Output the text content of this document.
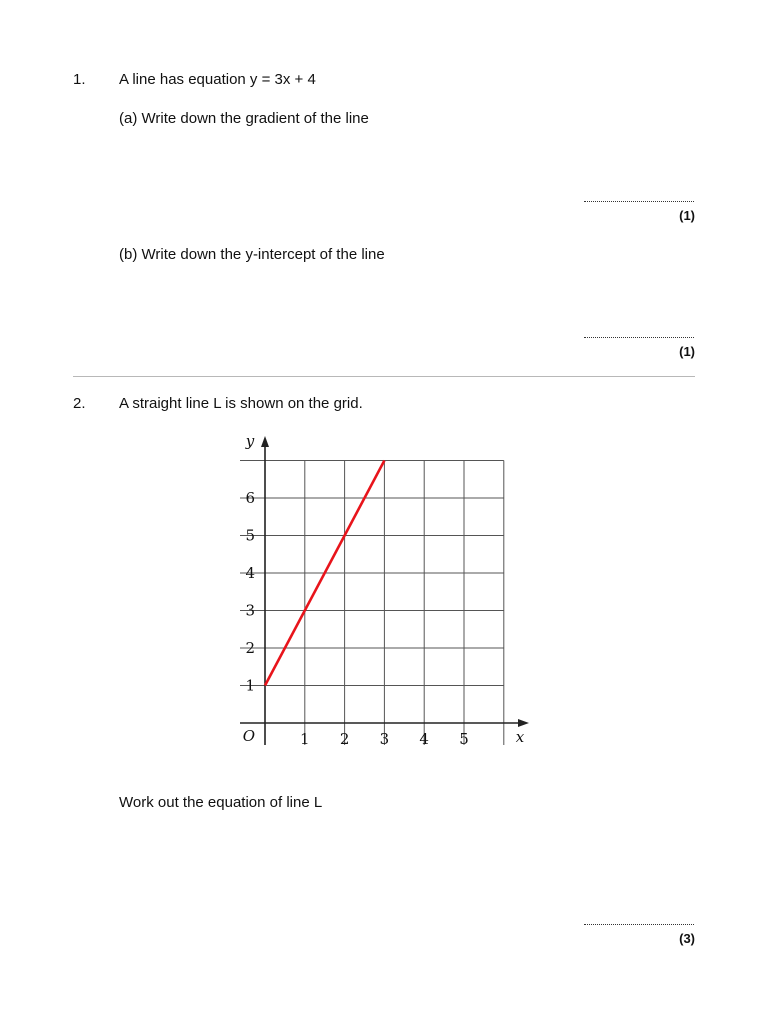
1. A line has equation y = 3x + 4
(a) Write down the gradient of the line
(1)
(b) Write down the y-intercept of the line
(1)
2. A straight line L is shown on the grid.
1 2 3 4 5
1
2
3
4
5
6
O	x
y
Work out the equation of line L
(3)
